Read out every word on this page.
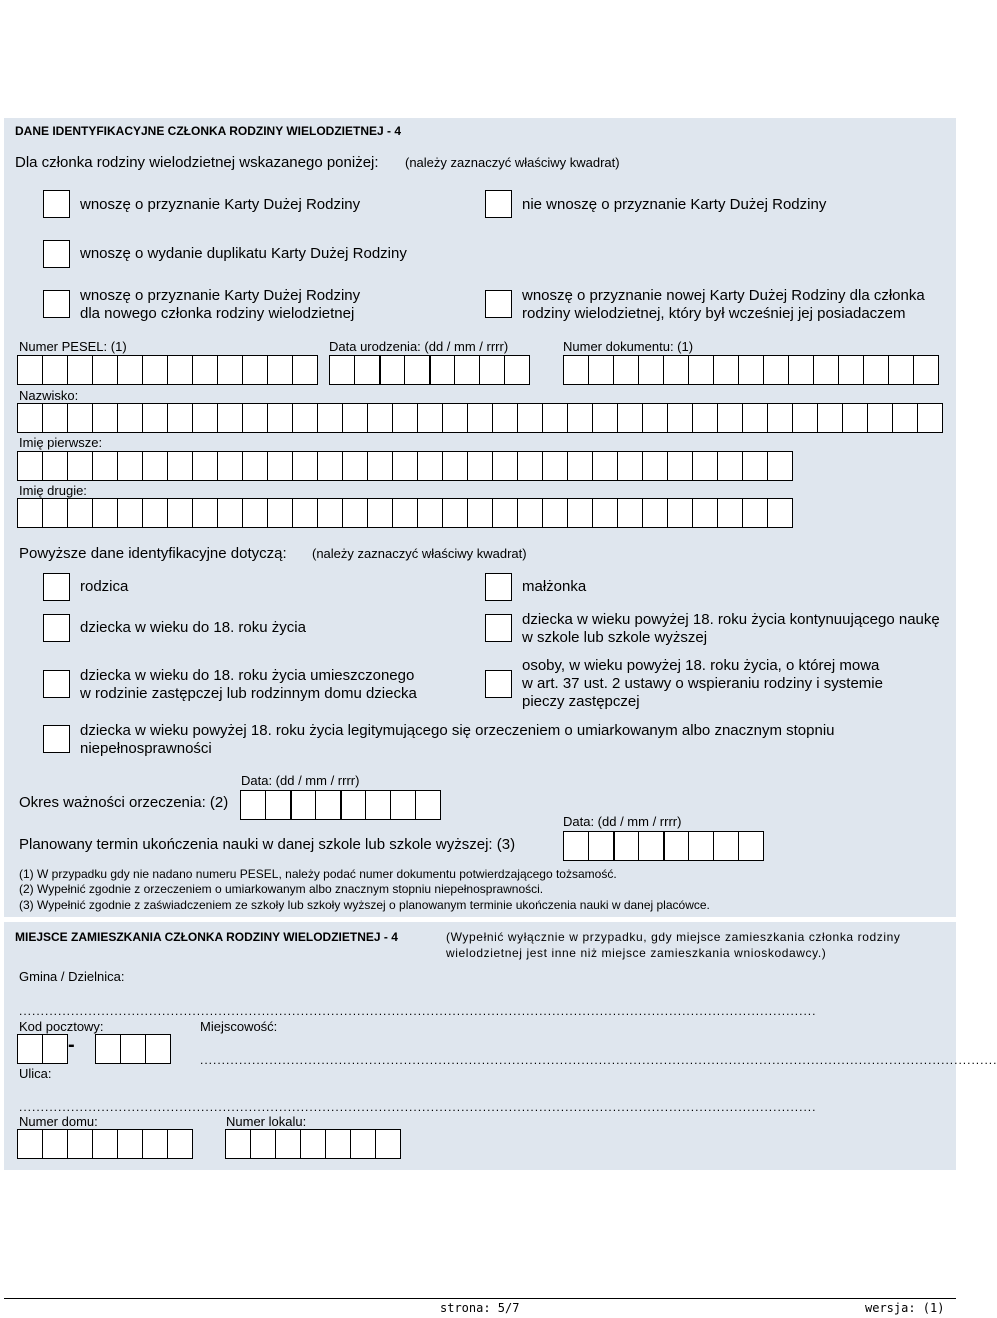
DANE IDENTYFIKACYJNE CZŁONKA RODZINY WIELODZIETNEJ - 4
Dla członka rodziny wielodzietnej wskazanego poniżej: (należy zaznaczyć właściwy kwadrat)
wnoszę o przyznanie Karty Dużej Rodziny	nie wnoszę o przyznanie Karty Dużej Rodziny
wnoszę o wydanie duplikatu Karty Dużej Rodziny
wnoszę o przyznanie Karty Dużej Rodziny
dla nowego członka rodziny wielodzietnej
wnoszę o przyznanie nowej Karty Dużej Rodziny dla członka
rodziny wielodzietnej, który był wcześniej jej posiadaczem
Numer PESEL: (1)	Data urodzenia: (dd / mm / rrrr)	Numer dokumentu: (1)
Nazwisko:
Imię pierwsze:
Imię drugie:
Powyższe dane identyfikacyjne dotyczą: (należy zaznaczyć właściwy kwadrat)
rodzica	małżonka
dziecka w wieku do 18. roku życia	dziecka w wieku powyżej 18. roku życia kontynuującego naukę
w szkole lub szkole wyższej
dziecka w wieku do 18. roku życia umieszczonego
w rodzinie zastępczej lub rodzinnym domu dziecka
osoby, w wieku powyżej 18. roku życia, o której mowa
w art. 37 ust. 2 ustawy o wspieraniu rodziny i systemie
pieczy zastępczej
dziecka w wieku powyżej 18. roku życia legitymującego się orzeczeniem o umiarkowanym albo znacznym stopniu
niepełnosprawności
Data: (dd / mm / rrrr)
Okres ważności orzeczenia: (2)
Data: (dd / mm / rrrr)
Planowany termin ukończenia nauki w danej szkole lub szkole wyższej: (3)
(1) W przypadku gdy nie nadano numeru PESEL, należy podać numer dokumentu potwierdzającego tożsamość.
(2) Wypełnić zgodnie z orzeczeniem o umiarkowanym albo znacznym stopniu niepełnosprawności.
(3) Wypełnić zgodnie z zaświadczeniem ze szkoły lub szkoły wyższej o planowanym terminie ukończenia nauki w danej placówce.
MIEJSCE ZAMIESZKANIA CZŁONKA RODZINY WIELODZIETNEJ - 4	(Wypełnić wyłącznie w przypadku, gdy miejsce zamieszkania członka rodziny
wielodzietnej jest inne niż miejsce zamieszkania wnioskodawcy.)
Gmina / Dzielnica:
........................................................................................................................................................................................
Kod pocztowy:
-
Miejscowość:
........................................................................................................................................................................................
Ulica:
........................................................................................................................................................................................
Numer domu:	Numer lokalu:
strona: 5/7	wersja: (1)
